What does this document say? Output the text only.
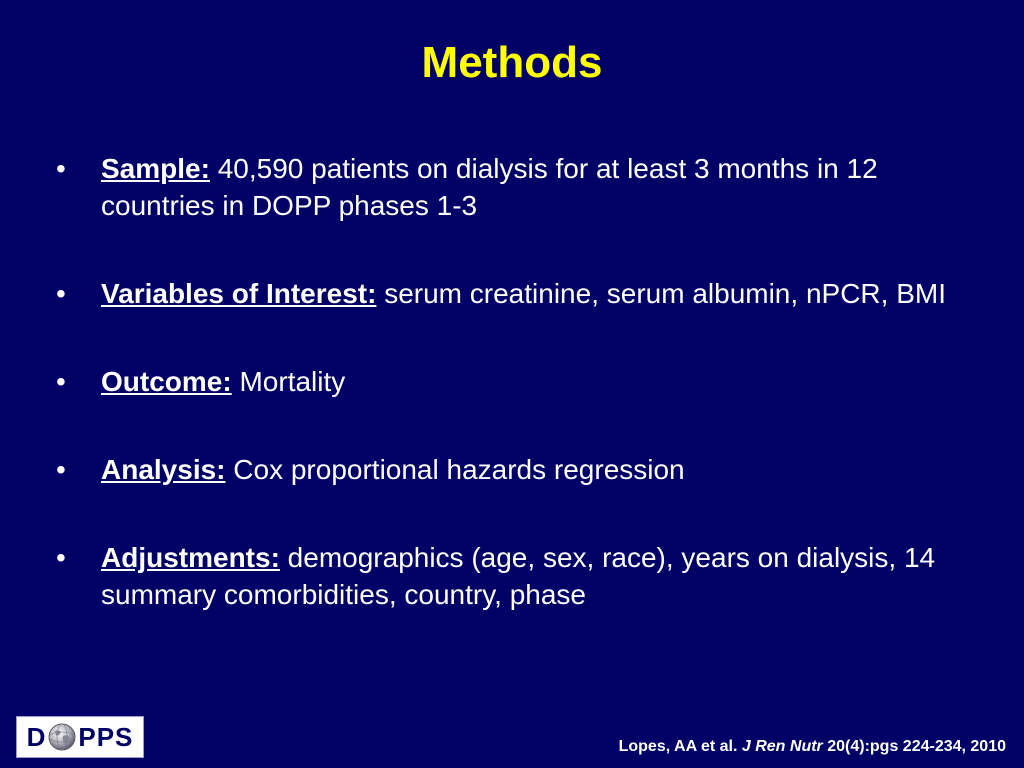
Methods
• Sample: 40,590 patients on dialysis for at least 3 months in 12 countries in DOPP phases 1-3
• Variables of Interest: serum creatinine, serum albumin, nPCR, BMI
• Outcome: Mortality
• Analysis: Cox proportional hazards regression
• Adjustments: demographics (age, sex, race), years on dialysis, 14 summary comorbidities, country, phase
D PPS	Lopes, AA et al. J Ren Nutr 20(4):pgs 224-234, 2010
